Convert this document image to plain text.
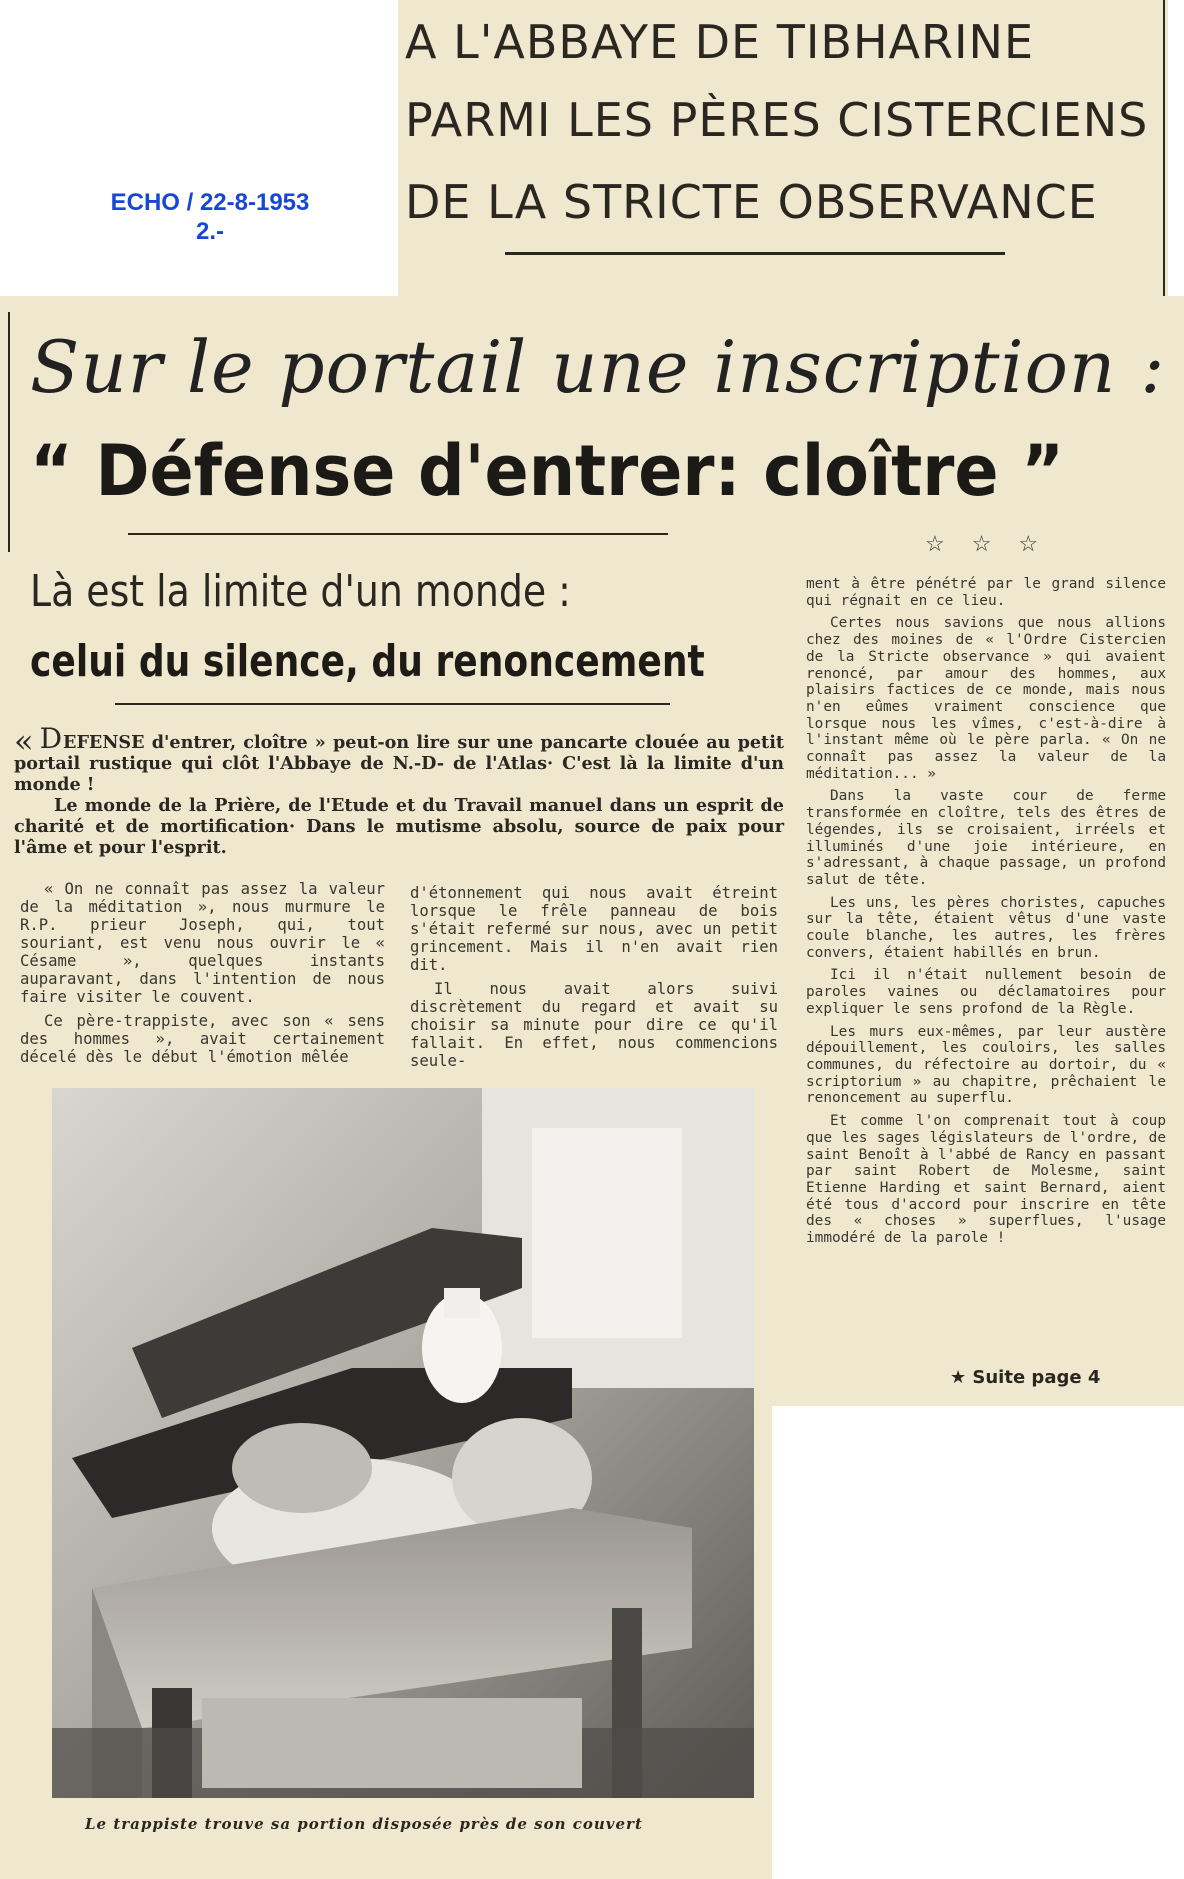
ECHO / 22-8-1953
2.-
A L'ABBAYE DE TIBHARINE
PARMI LES PÈRES CISTERCIENS
DE LA STRICTE OBSERVANCE
Sur le portail une inscription :
“ Défense d'entrer: cloître ”
☆ ☆ ☆
Là est la limite d'un monde :
celui du silence, du renoncement

« DEFENSE d'entrer, cloître » peut-on lire sur une pancarte clouée au petit portail rustique qui clôt l'Abbaye de N.-D- de l'Atlas· C'est là la limite d'un monde !

Le monde de la Prière, de l'Etude et du Travail manuel dans un esprit de charité et de mortification· Dans le mutisme absolu, source de paix pour l'âme et pour l'esprit.

« On ne connaît pas assez la valeur de la méditation », nous murmure le R.P. prieur Joseph, qui, tout souriant, est venu nous ouvrir le « Césame », quelques instants auparavant, dans l'intention de nous faire visiter le couvent.

Ce père-trappiste, avec son « sens des hommes », avait certainement décelé dès le début l'émotion mêlée

d'étonnement qui nous avait étreint lorsque le frêle panneau de bois s'était refermé sur nous, avec un petit grincement. Mais il n'en avait rien dit.

Il nous avait alors suivi discrètement du regard et avait su choisir sa minute pour dire ce qu'il fallait. En effet, nous commencions seule-

ment à être pénétré par le grand silence qui régnait en ce lieu.

Certes nous savions que nous allions chez des moines de « l'Ordre Cistercien de la Stricte observance » qui avaient renoncé, par amour des hommes, aux plaisirs factices de ce monde, mais nous n'en eûmes vraiment conscience que lorsque nous les vîmes, c'est-à-dire à l'instant même où le père parla. « On ne connaît pas assez la valeur de la méditation... »

Dans la vaste cour de ferme transformée en cloître, tels des êtres de légendes, ils se croisaient, irréels et illuminés d'une joie intérieure, en s'adressant, à chaque passage, un profond salut de tête.

Les uns, les pères choristes, capuches sur la tête, étaient vêtus d'une vaste coule blanche, les autres, les frères convers, étaient habillés en brun.

Ici il n'était nullement besoin de paroles vaines ou déclamatoires pour expliquer le sens profond de la Règle.

Les murs eux-mêmes, par leur austère dépouillement, les couloirs, les salles communes, du réfectoire au dortoir, du « scriptorium » au chapitre, prêchaient le renoncement au superflu.

Et comme l'on comprenait tout à coup que les sages législateurs de l'ordre, de saint Benoît à l'abbé de Rancy en passant par saint Robert de Molesme, saint Etienne Harding et saint Bernard, aient été tous d'accord pour inscrire en tête des « choses » superflues, l'usage immodéré de la parole !

★ Suite page 4
Le trappiste trouve sa portion disposée près de son couvert
